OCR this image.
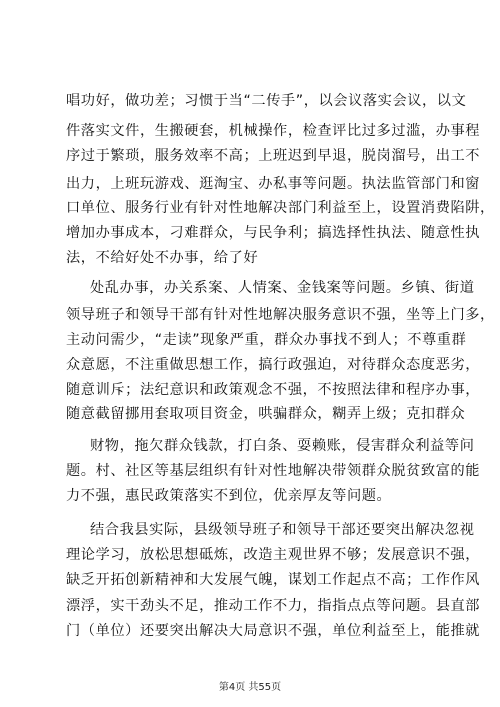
唱功好，做功差；习惯于当“二传手”，以会议落实会议，以文
件落实文件，生搬硬套，机械操作，检查评比过多过滥，办事程
序过于繁琐，服务效率不高；上班迟到早退，脱岗溜号，出工不
出力，上班玩游戏、逛淘宝、办私事等问题。执法监管部门和窗
口单位、服务行业有针对性地解决部门利益至上，设置消费陷阱，
增加办事成本，刁难群众，与民争利；搞选择性执法、随意性执
法，不给好处不办事，给了好
处乱办事，办关系案、人情案、金钱案等问题。乡镇、街道
领导班子和领导干部有针对性地解决服务意识不强，坐等上门多，
主动问需少，“走读”现象严重，群众办事找不到人；不尊重群
众意愿，不注重做思想工作，搞行政强迫，对待群众态度恶劣，
随意训斥；法纪意识和政策观念不强，不按照法律和程序办事，
随意截留挪用套取项目资金，哄骗群众，糊弄上级；克扣群众
财物，拖欠群众钱款，打白条、耍赖账，侵害群众利益等问
题。村、社区等基层组织有针对性地解决带领群众脱贫致富的能
力不强，惠民政策落实不到位，优亲厚友等问题。
结合我县实际，县级领导班子和领导干部还要突出解决忽视
理论学习，放松思想砥炼，改造主观世界不够；发展意识不强，
缺乏开拓创新精神和大发展气魄，谋划工作起点不高；工作作风
漂浮，实干劲头不足，推动工作不力，指指点点等问题。县直部
门（单位）还要突出解决大局意识不强，单位利益至上，能推就
第4页 共55页
